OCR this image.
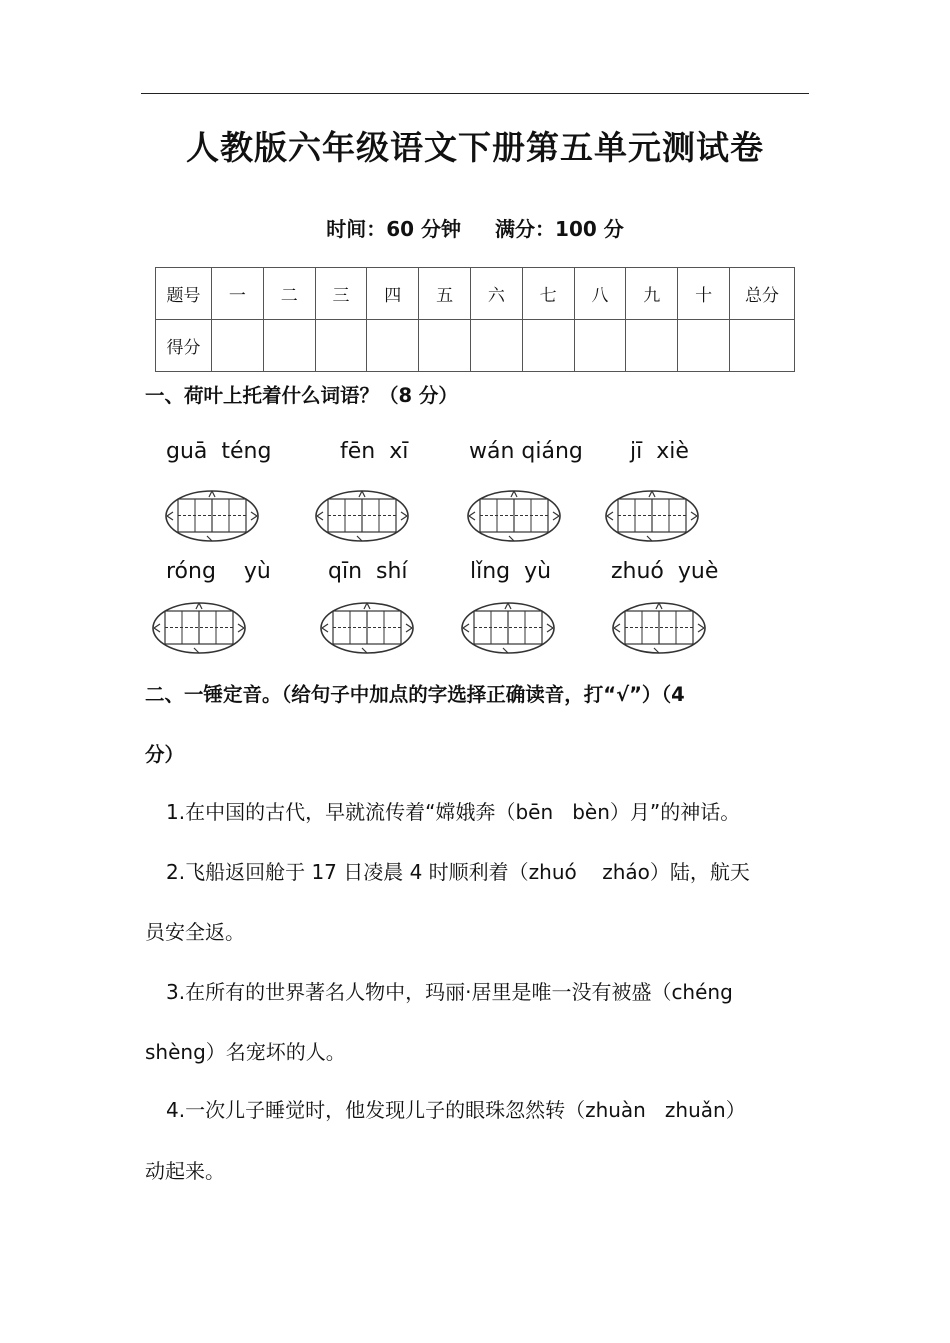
人教版六年级语文下册第五单元测试卷
时间：60 分钟 满分：100 分
题号	一	二	三	四	五	六	七	八	九	十	总分
得分											
一、荷叶上托着什么词语？（8 分）
guā  téng	fēn  xī	wán qiáng jī  xiè
róng    yù	qīn  shí	lǐng  yù	zhuó  yuè
二、一锤定音。（给句子中加点的字选择正确读音，打“√”）（4
分）
1.在中国的古代，早就流传着“嫦娥奔（bēn   bèn）月”的神话。
2.飞船返回舱于 17 日凌晨 4 时顺利着（zhuó    zháo）陆，航天
员安全返。
3.在所有的世界著名人物中，玛丽·居里是唯一没有被盛（chéng
shèng）名宠坏的人。
4.一次儿子睡觉时，他发现儿子的眼珠忽然转（zhuàn   zhuǎn）
动起来。
